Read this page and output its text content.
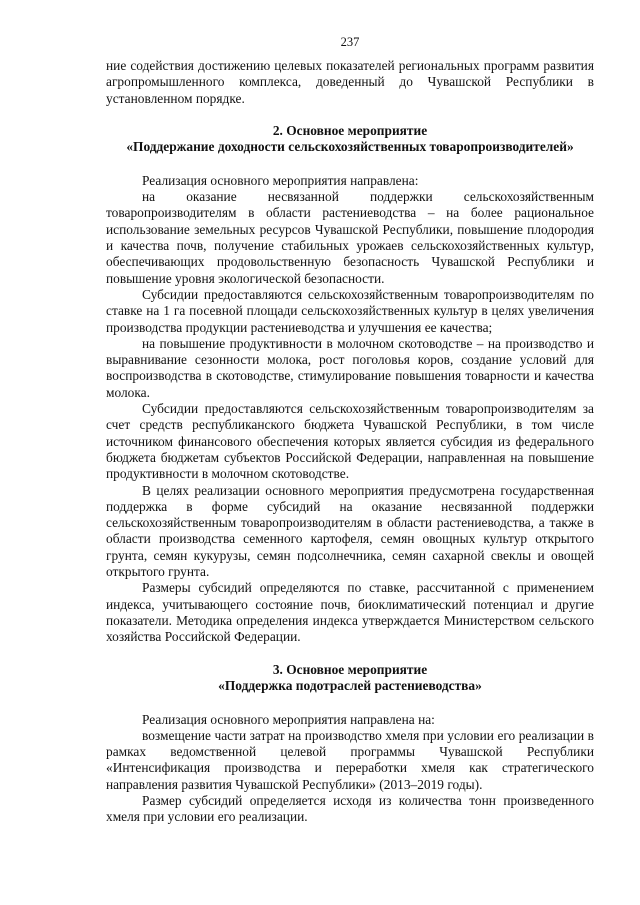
237

ние содействия достижению целевых показателей региональных программ развития агропромышленного комплекса, доведенный до Чувашской Республики в установленном порядке.

2. Основное мероприятие
«Поддержание доходности сельскохозяйственных товаропроизводителей»

Реализация основного мероприятия направлена:

на оказание несвязанной поддержки сельскохозяйственным товаропроизводителям в области растениеводства – на более рациональное использование земельных ресурсов Чувашской Республики, повышение плодородия и качества почв, получение стабильных урожаев сельскохозяйственных культур, обеспечивающих продовольственную безопасность Чувашской Республики и повышение уровня экологической безопасности.

Субсидии предоставляются сельскохозяйственным товаропроизводителям по ставке на 1 га посевной площади сельскохозяйственных культур в целях увеличения производства продукции растениеводства и улучшения ее качества;

на повышение продуктивности в молочном скотоводстве – на производство и выравнивание сезонности молока, рост поголовья коров, создание условий для воспроизводства в скотоводстве, стимулирование повышения товарности и качества молока.

Субсидии предоставляются сельскохозяйственным товаропроизводителям за счет средств республиканского бюджета Чувашской Республики, в том числе источником финансового обеспечения которых является субсидия из федерального бюджета бюджетам субъектов Российской Федерации, направленная на повышение продуктивности в молочном скотоводстве.

В целях реализации основного мероприятия предусмотрена государственная поддержка в форме субсидий на оказание несвязанной поддержки сельскохозяйственным товаропроизводителям в области растениеводства, а также в области производства семенного картофеля, семян овощных культур открытого грунта, семян кукурузы, семян подсолнечника, семян сахарной свеклы и овощей открытого грунта.

Размеры субсидий определяются по ставке, рассчитанной с применением индекса, учитывающего состояние почв, биоклиматический потенциал и другие показатели. Методика определения индекса утверждается Министерством сельского хозяйства Российской Федерации.

3. Основное мероприятие
«Поддержка подотраслей растениеводства»

Реализация основного мероприятия направлена на:

возмещение части затрат на производство хмеля при условии его реализации в рамках ведомственной целевой программы Чувашской Республики «Интенсификация производства и переработки хмеля как стратегического направления развития Чувашской Республики» (2013–2019 годы).

Размер субсидий определяется исходя из количества тонн произведенного хмеля при условии его реализации.
